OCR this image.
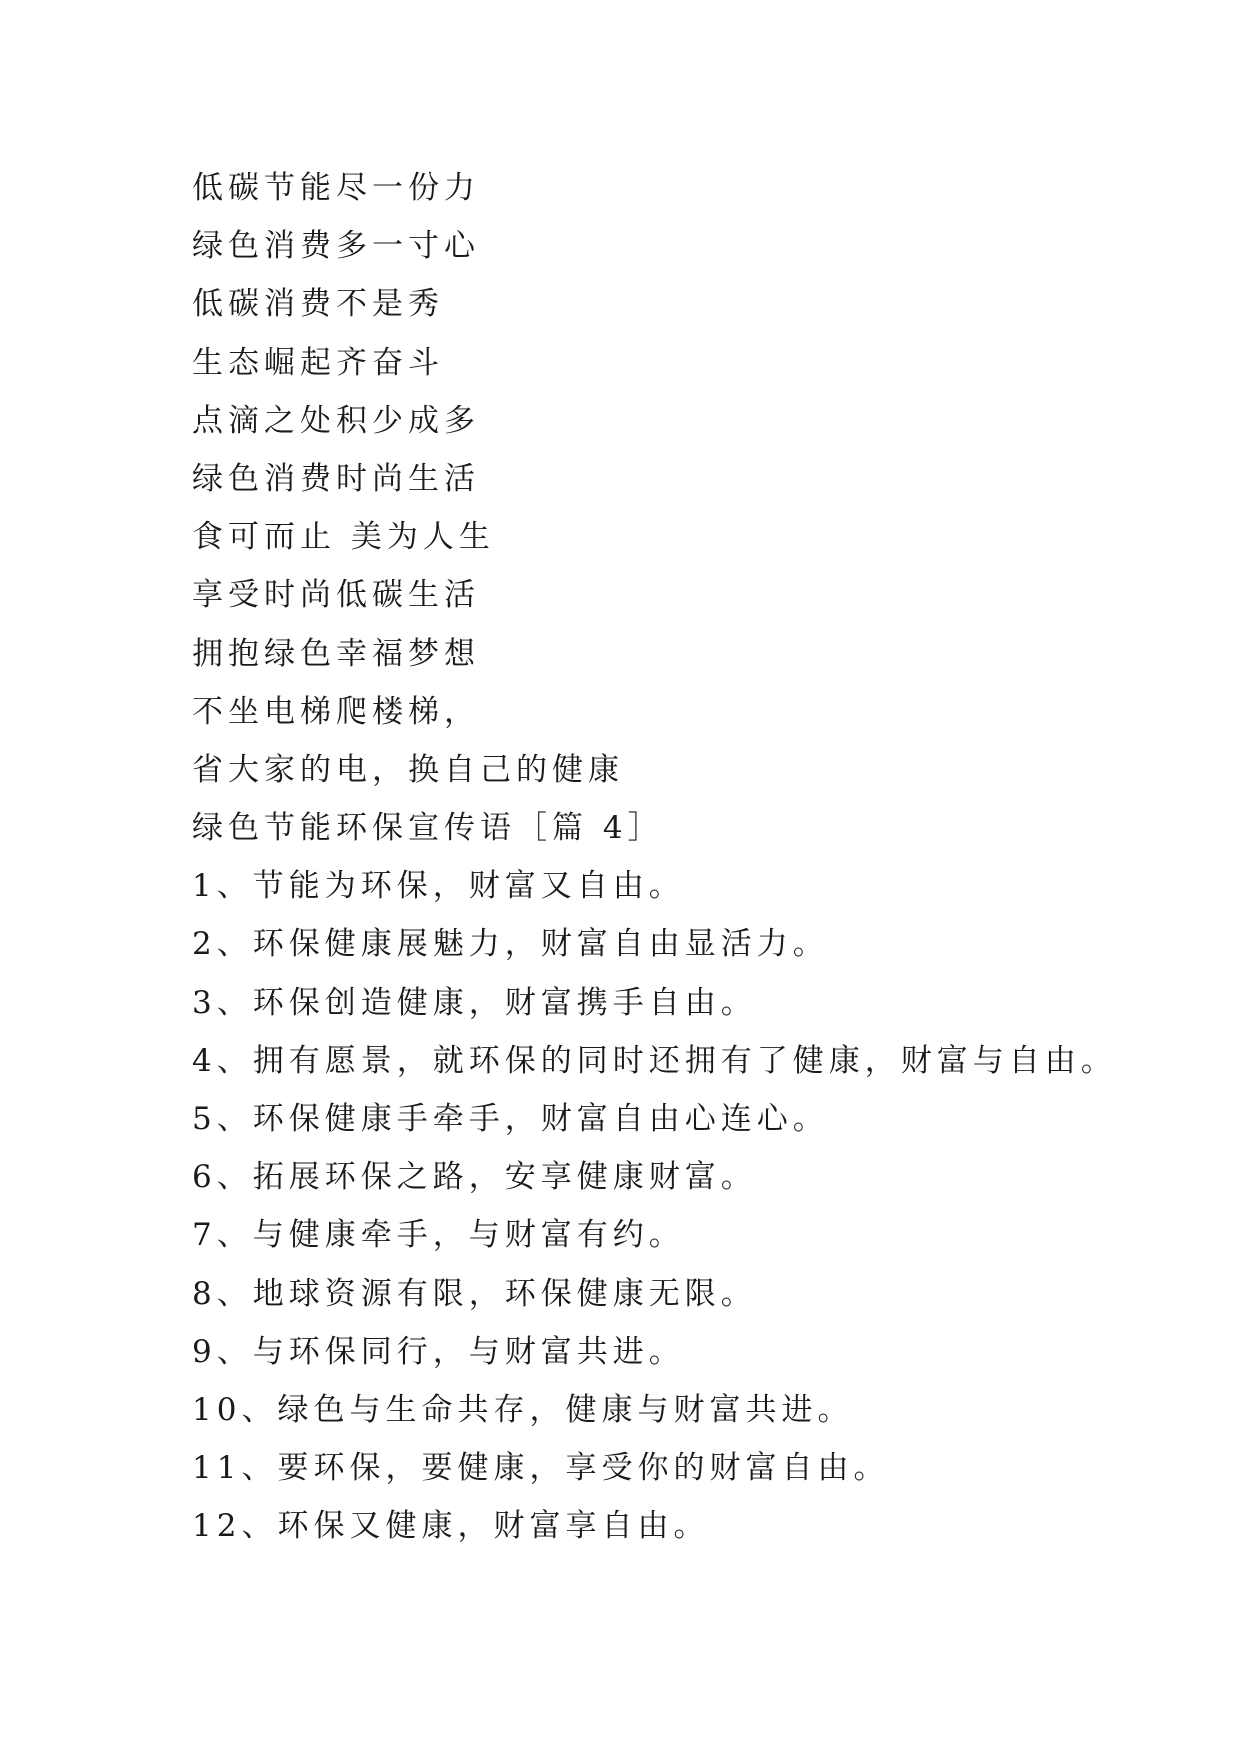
低碳节能尽一份力
绿色消费多一寸心
低碳消费不是秀
生态崛起齐奋斗
点滴之处积少成多
绿色消费时尚生活
食可而止 美为人生
享受时尚低碳生活
拥抱绿色幸福梦想
不坐电梯爬楼梯，
省大家的电，换自己的健康
绿色节能环保宣传语［篇 4］
1、节能为环保，财富又自由。
2、环保健康展魅力，财富自由显活力。
3、环保创造健康，财富携手自由。
4、拥有愿景，就环保的同时还拥有了健康，财富与自由。
5、环保健康手牵手，财富自由心连心。
6、拓展环保之路，安享健康财富。
7、与健康牵手，与财富有约。
8、地球资源有限，环保健康无限。
9、与环保同行，与财富共进。
10、绿色与生命共存，健康与财富共进。
11、要环保，要健康，享受你的财富自由。
12、环保又健康，财富享自由。
